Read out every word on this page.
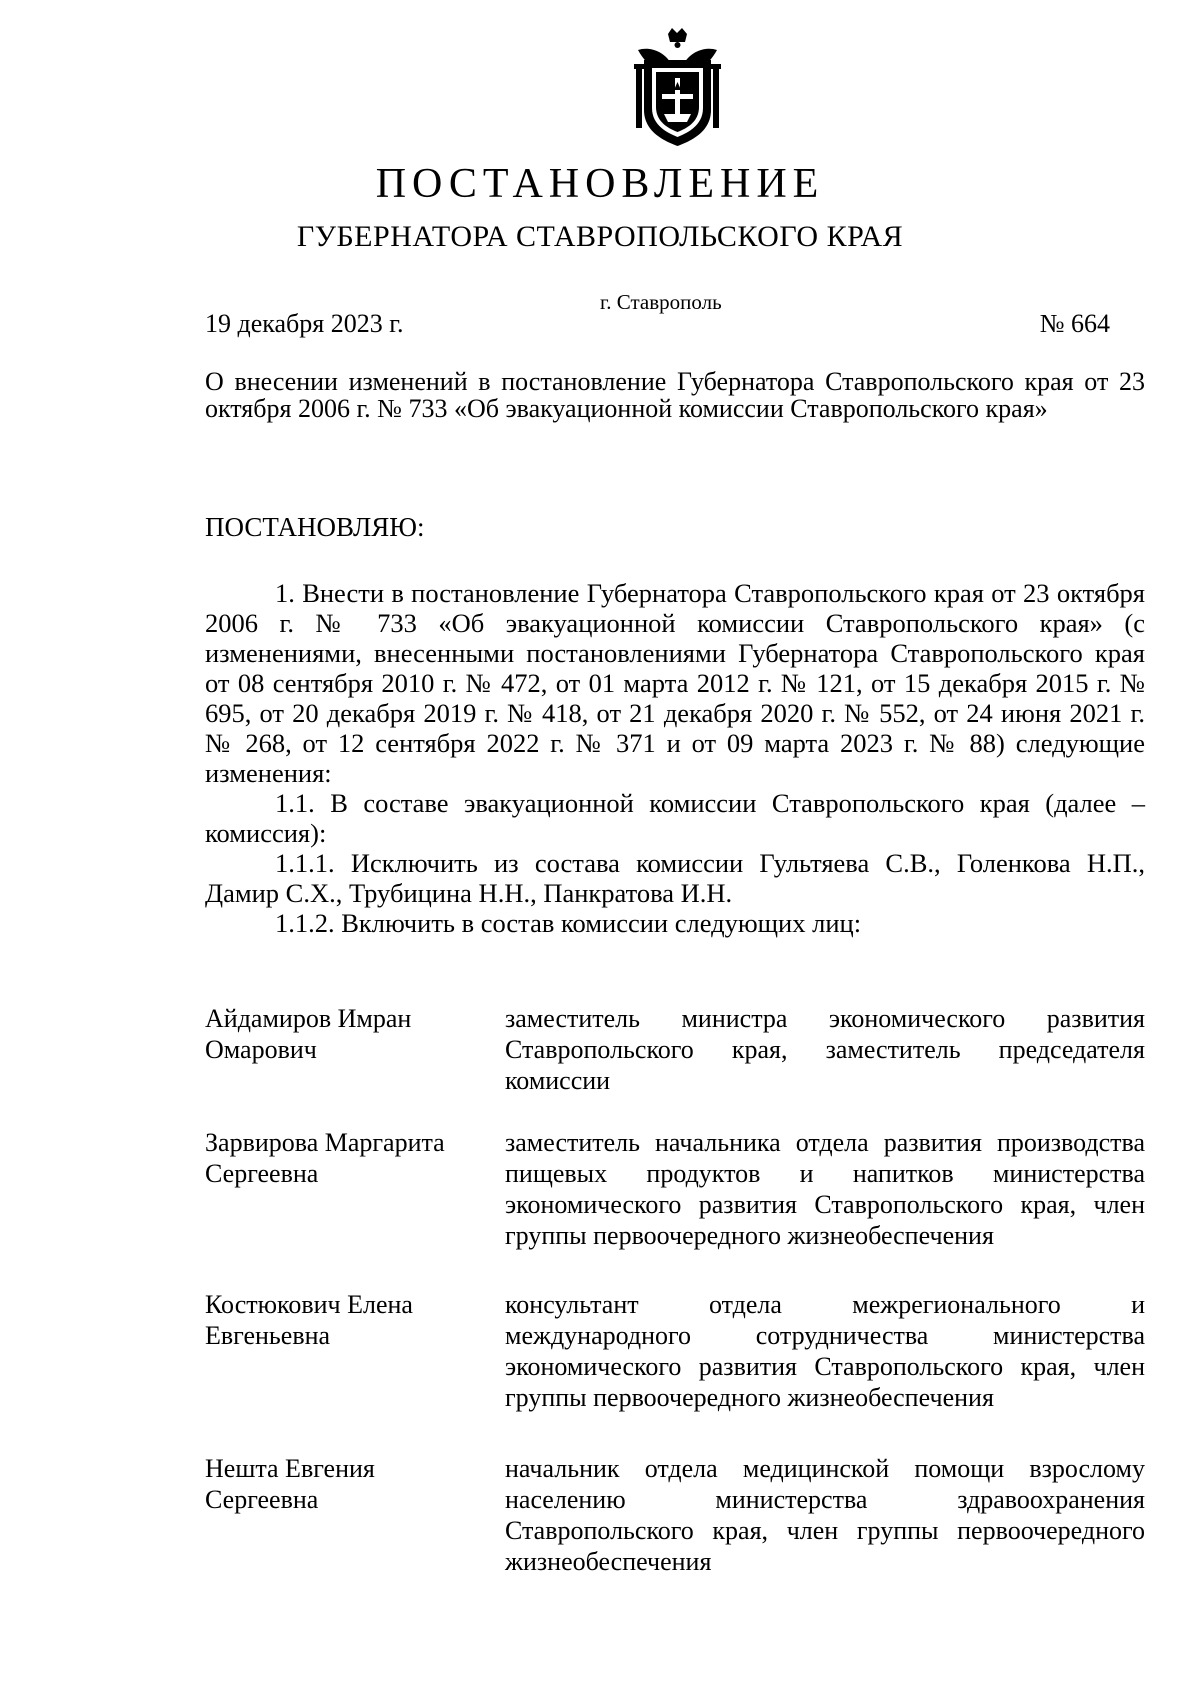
ПОСТАНОВЛЕНИЕ
ГУБЕРНАТОРА СТАВРОПОЛЬСКОГО КРАЯ
г. Ставрополь
19 декабря 2023 г.	№ 664
О внесении изменений в постановление Губернатора Ставропольского края от 23 октября 2006 г. № 733 «Об эвакуационной комиссии Ставропольского края»
ПОСТАНОВЛЯЮ:

1. Внести в постановление Губернатора Ставропольского края от 23 октября 2006 г. № 733 «Об эвакуационной комиссии Ставропольского края» (с изменениями, внесенными постановлениями Губернатора Ставропольского края от 08 сентября 2010 г. № 472, от 01 марта 2012 г. № 121, от 15 декабря 2015 г. № 695, от 20 декабря 2019 г. № 418, от 21 декабря 2020 г. № 552, от 24 июня 2021 г. № 268, от 12 сентября 2022 г. № 371 и от 09 марта 2023 г. № 88) следующие изменения:

1.1. В составе эвакуационной комиссии Ставропольского края (далее – комиссия):

1.1.1. Исключить из состава комиссии Гультяева С.В., Голенкова Н.П., Дамир С.Х., Трубицина Н.Н., Панкратова И.Н.

1.1.2. Включить в состав комиссии следующих лиц:

Айдамиров Имран
Омарович
заместитель министра экономического развития Ставропольского края, заместитель председателя комиссии
Зарвирова Маргарита
Сергеевна
заместитель начальника отдела развития производства пищевых продуктов и напитков министерства экономического развития Ставропольского края, член группы первоочередного жизнеобеспечения
Костюкович Елена
Евгеньевна
консультант отдела межрегионального и международного сотрудничества министерства экономического развития Ставропольского края, член группы первоочередного жизнеобеспечения
Нешта Евгения
Сергеевна
начальник отдела медицинской помощи взрослому населению министерства здравоохранения Ставропольского края, член группы первоочередного жизнеобеспечения
